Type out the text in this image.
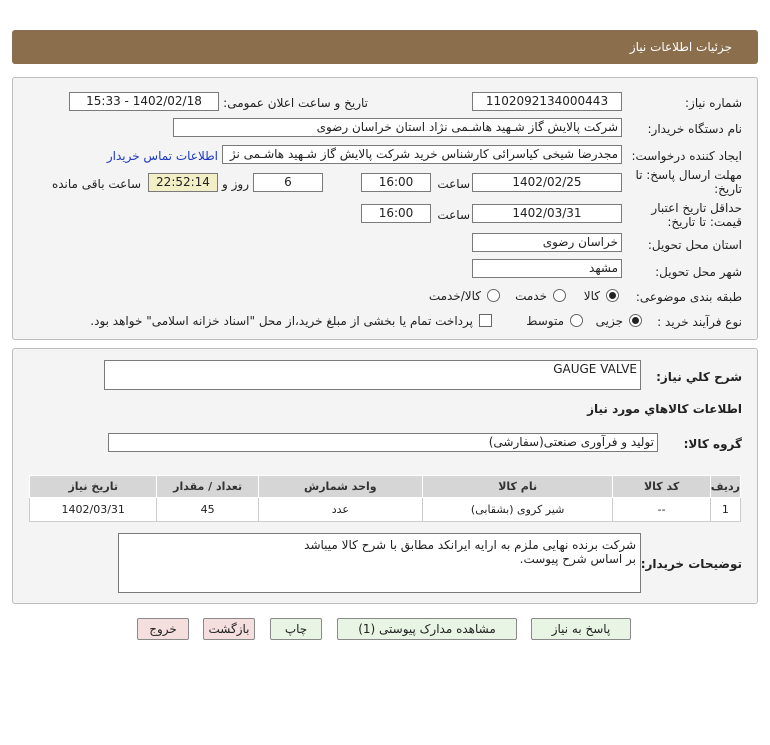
جزئیات اطلاعات نیاز
شماره نیاز:
1102092134000443
تاریخ و ساعت اعلان عمومی:
1402/02/18 - 15:33
نام دستگاه خریدار:
شرکت پالایش گاز شـهید هاشـمی نژاد استان خراسان رضوی
ایجاد کننده درخواست:
مجدرضا شیخی کیاسرائی کارشناس خرید شرکت پالایش گاز شـهید هاشـمی نژ
اطلاعات تماس خریدار
مهلت ارسال پاسخ: تا
تاریخ:
1402/02/25
ساعت
16:00
6
روز و
22:52:14
ساعت باقی مانده
حداقل تاریخ اعتبار
قیمت: تا تاریخ:
1402/03/31
ساعت
16:00
استان محل تحویل:
خراسان رضوی
شهر محل تحویل:
مشهد
طبقه بندی موضوعی:
کالا
خدمت
کالا/خدمت
نوع فرآیند خرید :
جزیی
متوسط
پرداخت تمام یا بخشی از مبلغ خرید،از محل "اسناد خزانه اسلامی" خواهد بود.
شرح كلي نياز:
GAUGE VALVE
اطلاعات كالاهاي مورد نياز
گروه كالا:
تولید و فرآوری صنعتی(سفارشی)
ردیف	کد کالا	نام کالا	واحد شمارش	تعداد / مقدار	تاریخ نیاز
1	--	شیر کروی (بشقابی)	عدد	45	1402/03/31
توضیحات خریدار:
شرکت برنده نهایی ملزم به ارایه ایرانکد مطابق با شرح کالا میباشد
بر اساس شرح پیوست.
پاسخ به نیاز
مشاهده مدارک پیوستی (1)
چاپ
بازگشت
خروج
